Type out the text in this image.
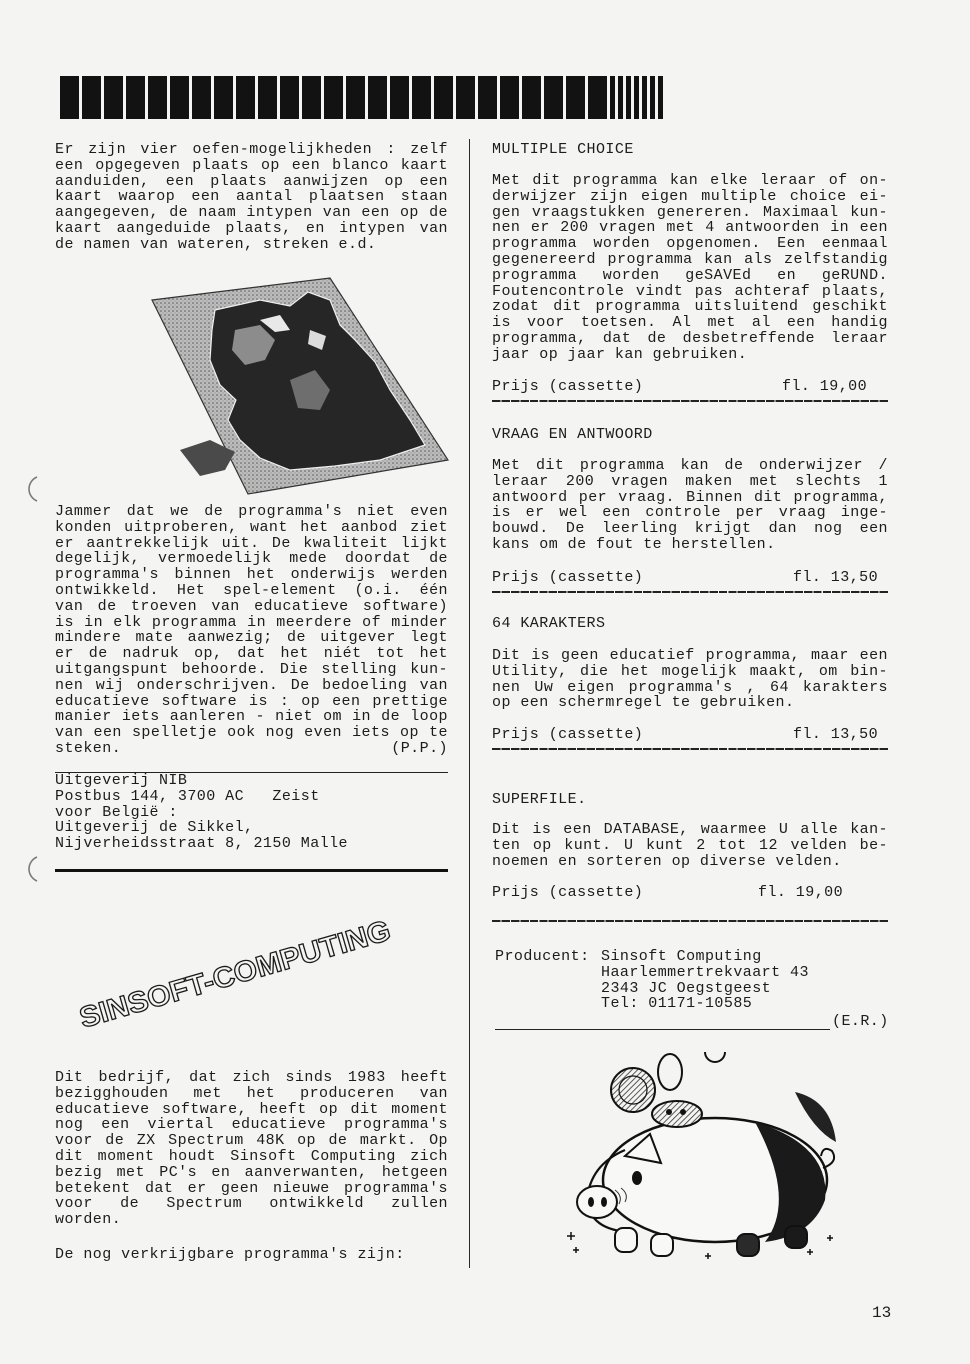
Er zijn vier oefen-mogelijkheden : zelf
een opgegeven plaats op een blanco kaart
aanduiden, een plaats aanwijzen op een
kaart waarop een aantal plaatsen staan
aangegeven, de naam intypen van een op de
kaart aangeduide plaats, en intypen van
de namen van wateren, streken e.d.
(P.P.)
Jammer dat we de programma's niet even
konden uitproberen, want het aanbod ziet
er aantrekkelijk uit. De kwaliteit lijkt
degelijk, vermoedelijk mede doordat de
programma's binnen het onderwijs werden
ontwikkeld. Het spel-element (o.i. één
van de troeven van educatieve software)
is in elk programma in meerdere of minder
mindere mate aanwezig; de uitgever legt
er de nadruk op, dat het niét tot het
uitgangspunt behoorde. Die stelling kun-
nen wij onderschrijven. De bedoeling van
educatieve software is : op een prettige
manier iets aanleren - niet om in de loop
van een spelletje ook nog even iets op te
steken.
Uitgeverij NIB
Postbus 144, 3700 AC   Zeist
voor België :
Uitgeverij de Sikkel,
Nijverheidsstraat 8, 2150 Malle
SINSOFT-COMPUTING
Dit bedrijf, dat zich sinds 1983 heeft
bezigghouden met het produceren van
educatieve software, heeft op dit moment
nog een viertal educatieve programma's
voor de ZX Spectrum 48K op de markt. Op
dit moment houdt Sinsoft Computing zich
bezig met PC's en aanverwanten, hetgeen
betekent dat er geen nieuwe programma's
voor de Spectrum ontwikkeld zullen
worden.
De nog verkrijgbare programma's zijn:
MULTIPLE CHOICE
Met dit programma kan elke leraar of on-
derwijzer zijn eigen multiple choice ei-
gen vraagstukken genereren. Maximaal kun-
nen er 200 vragen met 4 antwoorden in een
programma worden opgenomen. Een eenmaal
gegenereerd programma kan als zelfstandig
programma worden geSAVEd en geRUND.
Foutencontrole vindt pas achteraf plaats,
zodat dit programma uitsluitend geschikt
is voor toetsen. Al met al een handig
programma, dat de desbetreffende leraar
jaar op jaar kan gebruiken.
Prijs (cassette)	fl. 19,00
VRAAG EN ANTWOORD
Met dit programma kan de onderwijzer /
leraar 200 vragen maken met slechts 1
antwoord per vraag. Binnen dit programma,
is er wel een controle per vraag inge-
bouwd. De leerling krijgt dan nog een
kans om de fout te herstellen.
Prijs (cassette)	fl. 13,50
64 KARAKTERS
Dit is geen educatief programma, maar een
Utility, die het mogelijk maakt, om bin-
nen Uw eigen programma's , 64 karakters
op een schermregel te gebruiken.
Prijs (cassette)	fl. 13,50
SUPERFILE.
Dit is een DATABASE, waarmee U alle kan-
ten op kunt. U kunt 2 tot 12 velden be-
noemen en sorteren op diverse velden.
Prijs (cassette)	fl. 19,00
Producent: Sinsoft Computing
Haarlemmertrekvaart 43
2343 JC Oegstgeest
Tel: 01171-10585
(E.R.)
13
